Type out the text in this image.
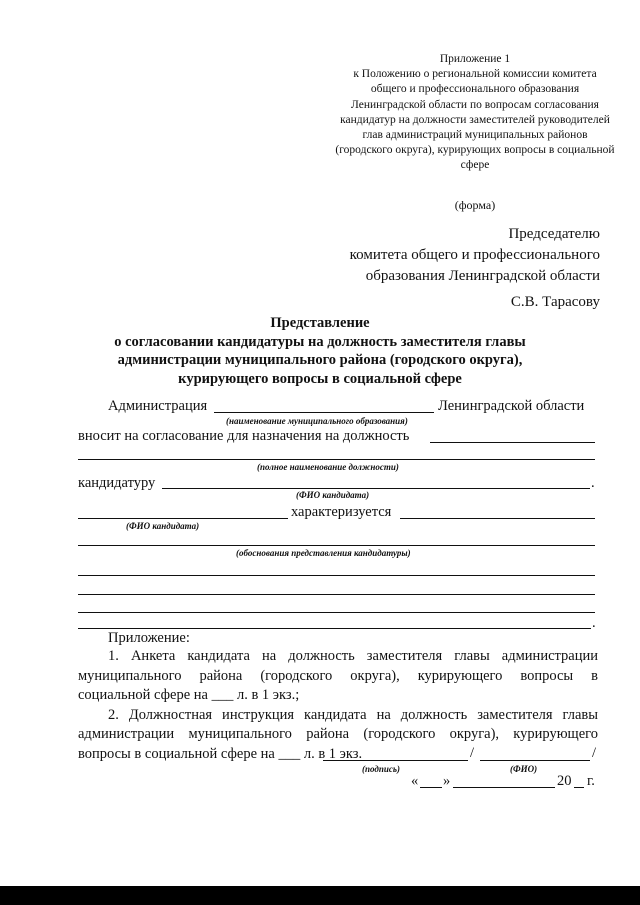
Приложение 1
к Положению о региональной комиссии комитета общего и профессионального образования Ленинградской области по вопросам согласования кандидатур на должности заместителей руководителей глав администраций муниципальных районов (городского округа), курирующих вопросы в социальной сфере
(форма)
Председателю
комитета общего и профессионального
образования Ленинградской области
С.В. Тарасову
Представление
о согласовании кандидатуры на должность заместителя главы
администрации муниципального района (городского округа),
курирующего вопросы в социальной сфере
Администрация	Ленинградской области
(наименование муниципального образования)
вносит на согласование для назначения на должность
(полное наименование должности)
кандидатуру	.
(ФИО кандидата)
характеризуется
(ФИО кандидата)
(обоснования представления кандидатуры)
.
Приложение:
1. Анкета кандидата на должность заместителя главы администрации
муниципального района (городского округа), курирующего вопросы в
социальной сфере на ___ л. в 1 экз.;
2. Должностная инструкция кандидата на должность заместителя главы
администрации муниципального района (городского округа), курирующего
вопросы в социальной сфере на ___ л. в 1 экз.	/	/
(подпись)	(ФИО)
« »	20 г.
